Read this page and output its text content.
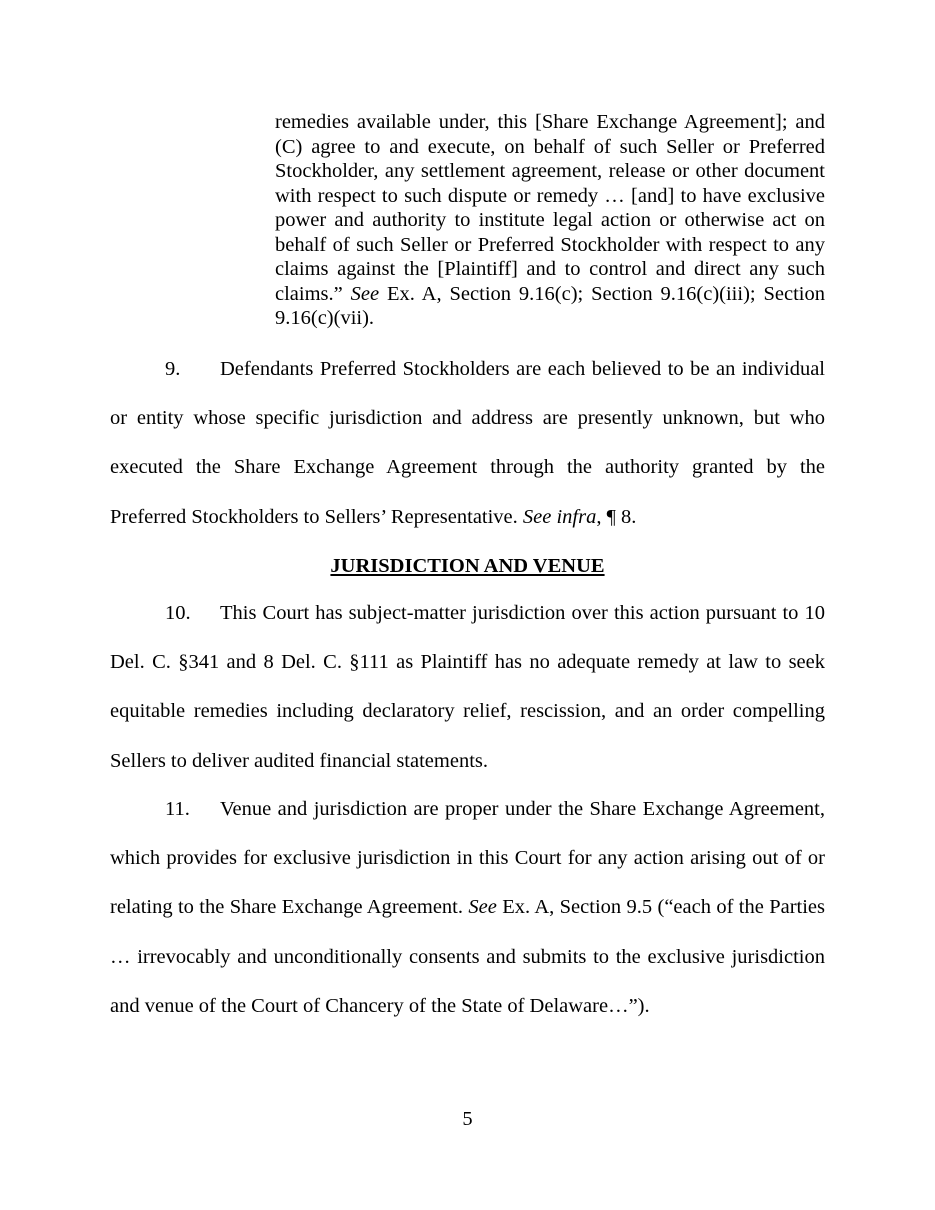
remedies available under, this [Share Exchange Agreement]; and (C) agree to and execute, on behalf of such Seller or Preferred Stockholder, any settlement agreement, release or other document with respect to such dispute or remedy … [and] to have exclusive power and authority to institute legal action or otherwise act on behalf of such Seller or Preferred Stockholder with respect to any claims against the [Plaintiff] and to control and direct any such claims.” See Ex. A, Section 9.16(c); Section 9.16(c)(iii); Section 9.16(c)(vii).

9. Defendants Preferred Stockholders are each believed to be an individual or entity whose specific jurisdiction and address are presently unknown, but who executed the Share Exchange Agreement through the authority granted by the Preferred Stockholders to Sellers’ Representative. See infra, ¶ 8.

JURISDICTION AND VENUE

10. This Court has subject-matter jurisdiction over this action pursuant to 10 Del. C. §341 and 8 Del. C. §111 as Plaintiff has no adequate remedy at law to seek equitable remedies including declaratory relief, rescission, and an order compelling Sellers to deliver audited financial statements.

11. Venue and jurisdiction are proper under the Share Exchange Agreement, which provides for exclusive jurisdiction in this Court for any action arising out of or relating to the Share Exchange Agreement. See Ex. A, Section 9.5 (“each of the Parties … irrevocably and unconditionally consents and submits to the exclusive jurisdiction and venue of the Court of Chancery of the State of Delaware…”).

5
